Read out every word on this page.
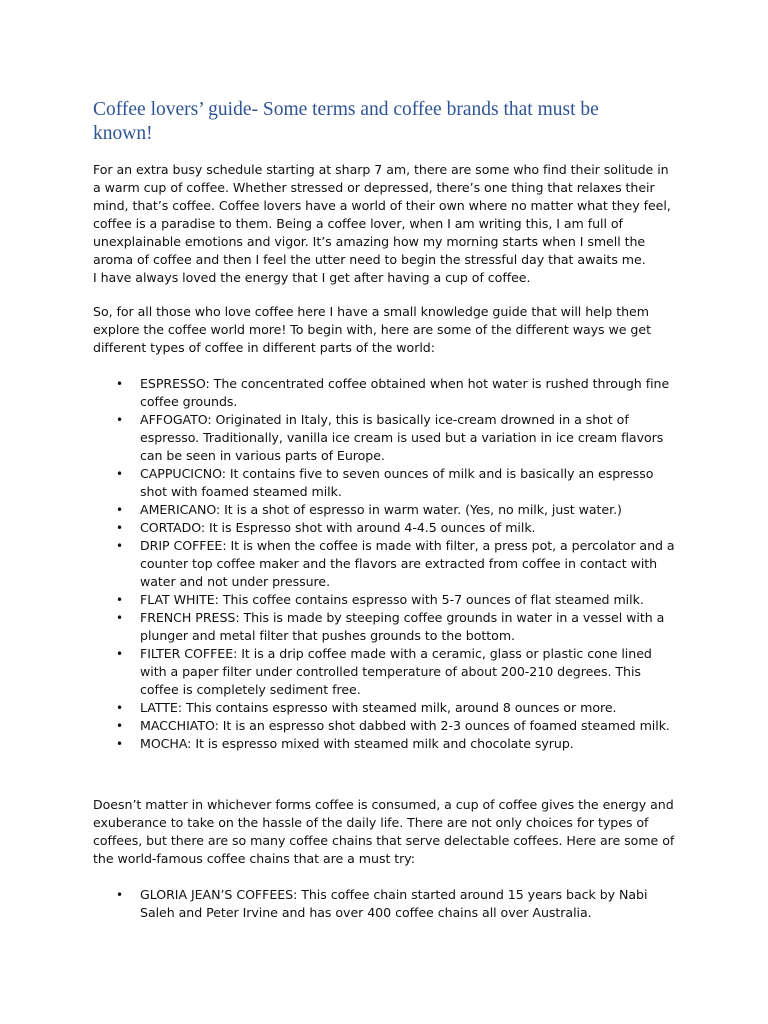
Coffee lovers’ guide- Some terms and coffee brands that must be
known!

For an extra busy schedule starting at sharp 7 am, there are some who find their solitude in
a warm cup of coffee. Whether stressed or depressed, there’s one thing that relaxes their
mind, that’s coffee. Coffee lovers have a world of their own where no matter what they feel,
coffee is a paradise to them. Being a coffee lover, when I am writing this, I am full of
unexplainable emotions and vigor. It’s amazing how my morning starts when I smell the
aroma of coffee and then I feel the utter need to begin the stressful day that awaits me.
I have always loved the energy that I get after having a cup of coffee.

So, for all those who love coffee here I have a small knowledge guide that will help them
explore the coffee world more! To begin with, here are some of the different ways we get
different types of coffee in different parts of the world:

• ESPRESSO: The concentrated coffee obtained when hot water is rushed through fine
coffee grounds.
• AFFOGATO: Originated in Italy, this is basically ice-cream drowned in a shot of
espresso. Traditionally, vanilla ice cream is used but a variation in ice cream flavors
can be seen in various parts of Europe.
• CAPPUCICNO: It contains five to seven ounces of milk and is basically an espresso
shot with foamed steamed milk.
• AMERICANO: It is a shot of espresso in warm water. (Yes, no milk, just water.)
• CORTADO: It is Espresso shot with around 4-4.5 ounces of milk.
• DRIP COFFEE: It is when the coffee is made with filter, a press pot, a percolator and a
counter top coffee maker and the flavors are extracted from coffee in contact with
water and not under pressure.
• FLAT WHITE: This coffee contains espresso with 5-7 ounces of flat steamed milk.
• FRENCH PRESS: This is made by steeping coffee grounds in water in a vessel with a
plunger and metal filter that pushes grounds to the bottom.
• FILTER COFFEE: It is a drip coffee made with a ceramic, glass or plastic cone lined
with a paper filter under controlled temperature of about 200-210 degrees. This
coffee is completely sediment free.
• LATTE: This contains espresso with steamed milk, around 8 ounces or more.
• MACCHIATO: It is an espresso shot dabbed with 2-3 ounces of foamed steamed milk.
• MOCHA: It is espresso mixed with steamed milk and chocolate syrup.

Doesn’t matter in whichever forms coffee is consumed, a cup of coffee gives the energy and
exuberance to take on the hassle of the daily life. There are not only choices for types of
coffees, but there are so many coffee chains that serve delectable coffees. Here are some of
the world-famous coffee chains that are a must try:

• GLORIA JEAN’S COFFEES: This coffee chain started around 15 years back by Nabi
Saleh and Peter Irvine and has over 400 coffee chains all over Australia.
